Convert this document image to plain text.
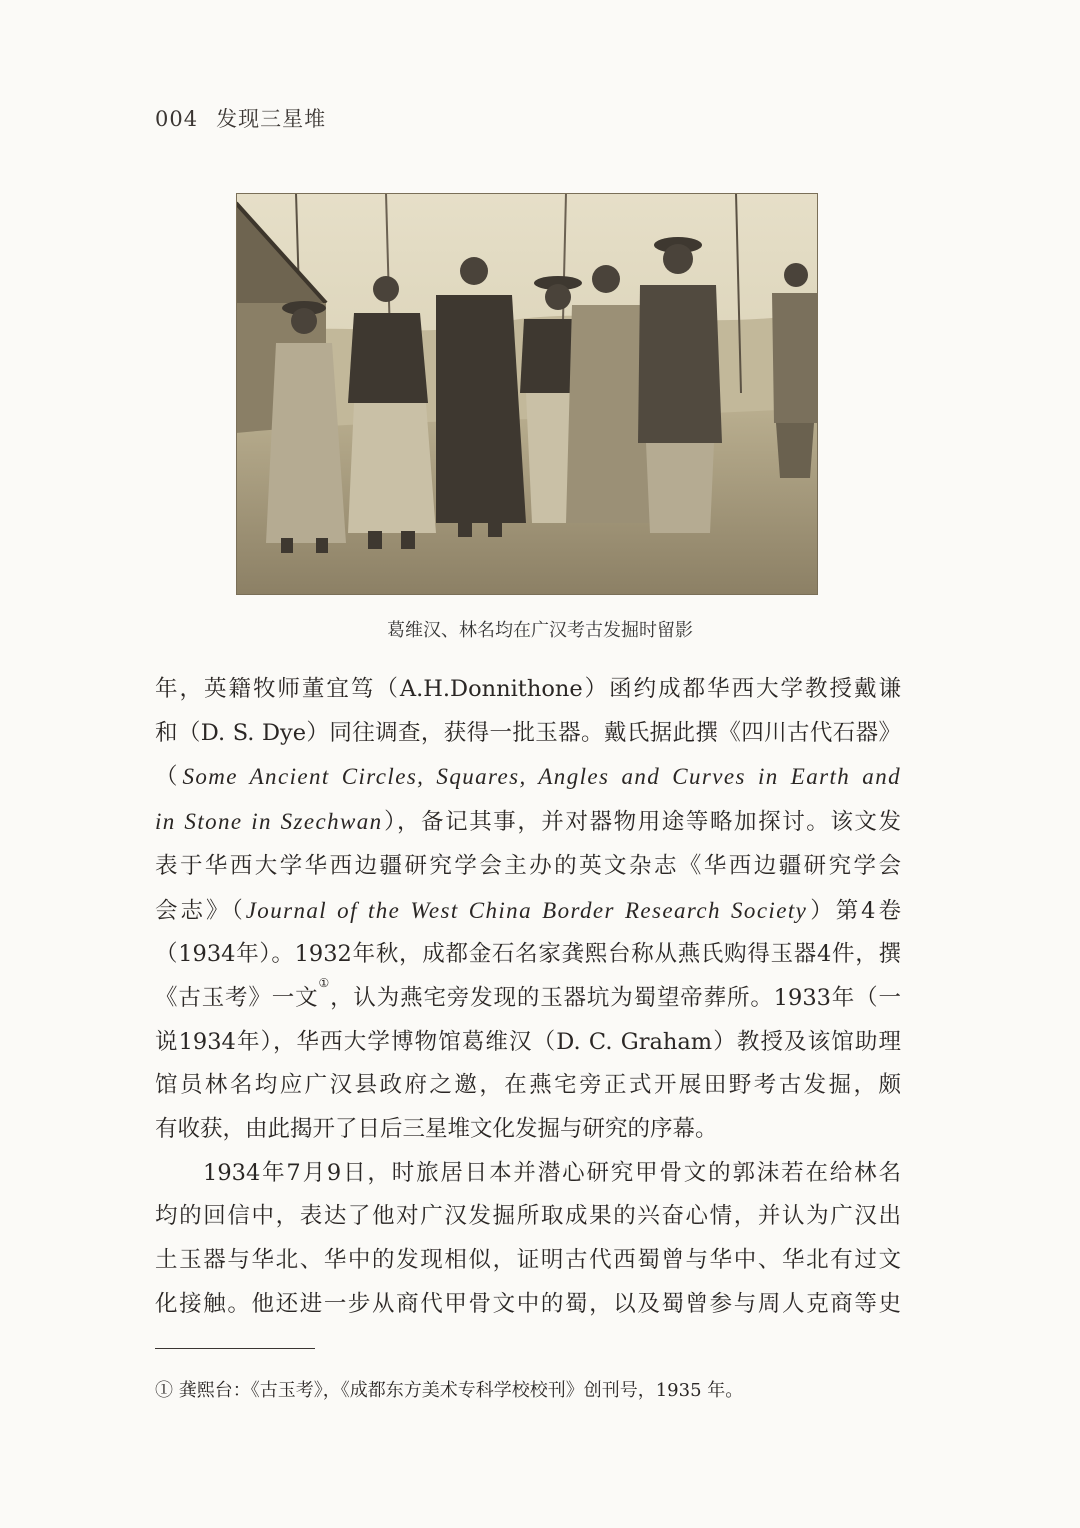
004 发现三星堆
葛维汉、林名均在广汉考古发掘时留影

年，英籍牧师董宜笃（A.H.Donnithone）函约成都华西大学教授戴谦

和（D. S. Dye）同往调查，获得一批玉器。戴氏据此撰《四川古代石器》

（Some Ancient Circles, Squares, Angles and Curves in Earth and

in Stone in Szechwan），备记其事，并对器物用途等略加探讨。该文发

表于华西大学华西边疆研究学会主办的英文杂志《华西边疆研究学会

会志》（Journal of the West China Border Research Society）第4卷

（1934年）。1932年秋，成都金石名家龚熙台称从燕氏购得玉器4件，撰

《古玉考》一文①，认为燕宅旁发现的玉器坑为蜀望帝葬所。1933年（一

说1934年），华西大学博物馆葛维汉（D. C. Graham）教授及该馆助理

馆员林名均应广汉县政府之邀，在燕宅旁正式开展田野考古发掘，颇

有收获，由此揭开了日后三星堆文化发掘与研究的序幕。

1934年7月9日，时旅居日本并潜心研究甲骨文的郭沫若在给林名

均的回信中，表达了他对广汉发掘所取成果的兴奋心情，并认为广汉出

土玉器与华北、华中的发现相似，证明古代西蜀曾与华中、华北有过文

化接触。他还进一步从商代甲骨文中的蜀，以及蜀曾参与周人克商等史

① 龚熙台：《古玉考》，《成都东方美术专科学校校刊》创刊号，1935 年。
